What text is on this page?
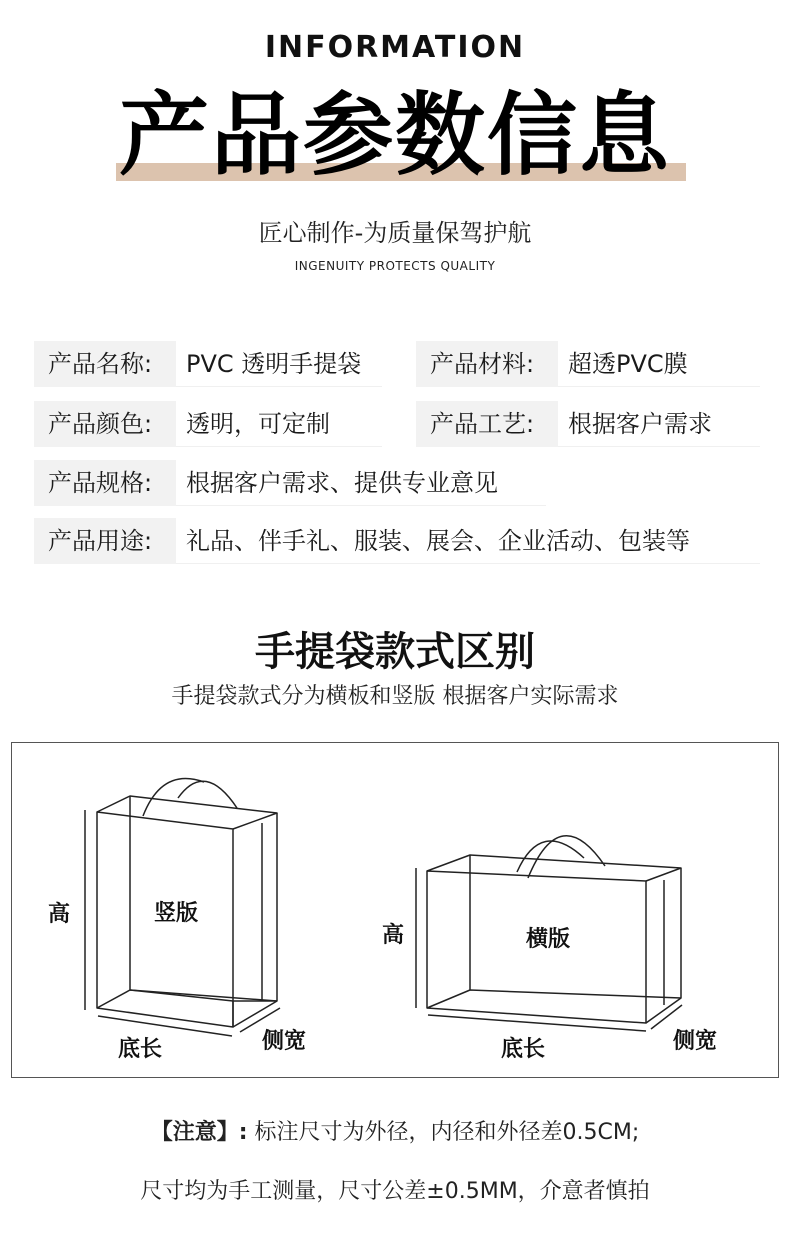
INFORMATION
产品参数信息
匠心制作-为质量保驾护航
INGENUITY PROTECTS QUALITY
产品名称:	PVC 透明手提袋	产品材料:	超透PVC膜
产品颜色:	透明，可定制	产品工艺:	根据客户需求
产品规格:	根据客户需求、提供专业意见
产品用途:	礼品、伴手礼、服装、展会、企业活动、包装等
手提袋款式区别
手提袋款式分为横板和竖版 根据客户实际需求
竖版
高
底长	侧宽
横版
高
底长	侧宽
【注意】: 标注尺寸为外径，内径和外径差0.5CM;
尺寸均为手工测量，尺寸公差±0.5MM，介意者慎拍
